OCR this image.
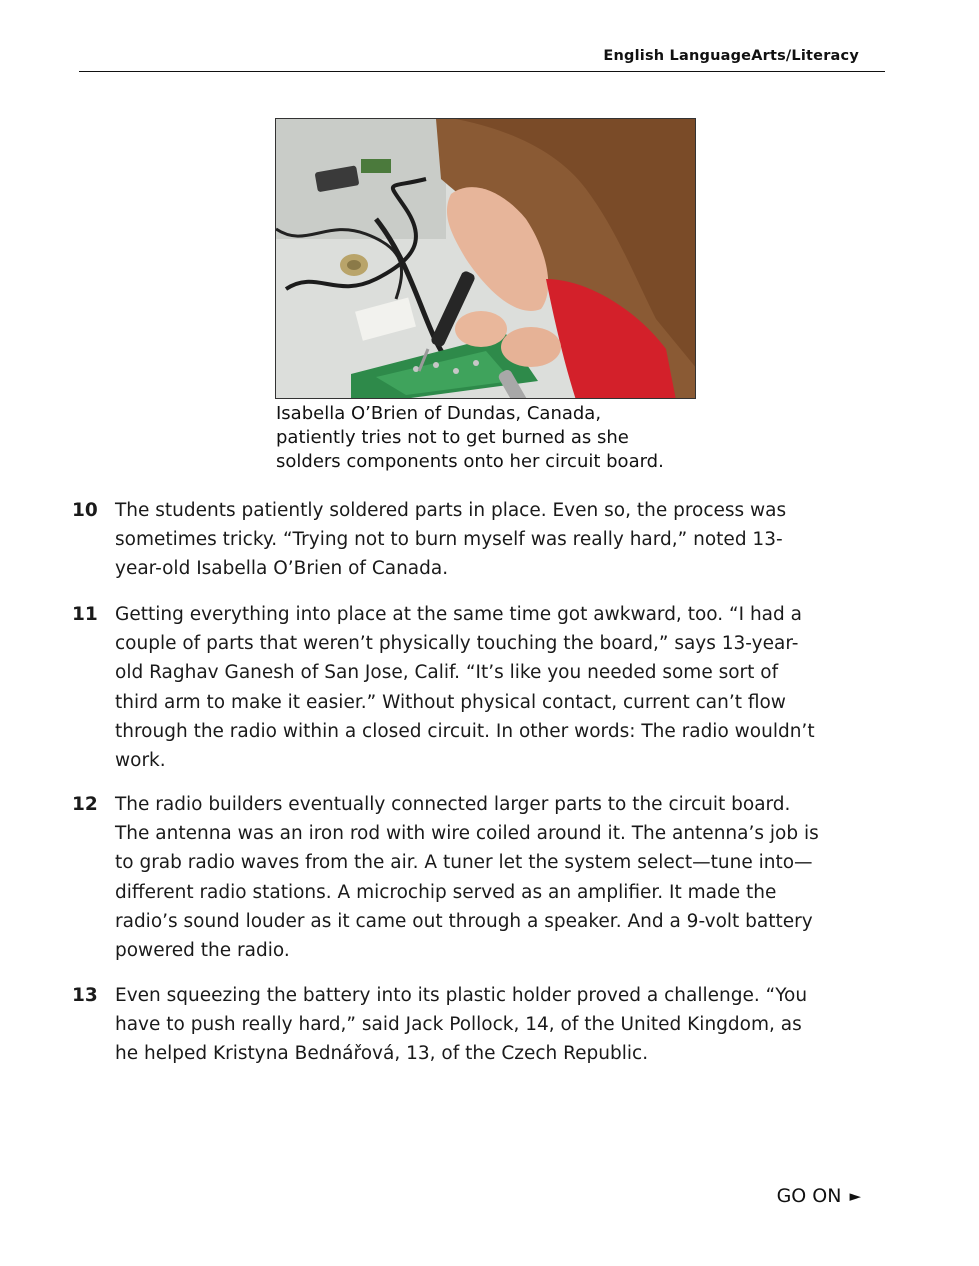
English LanguageArts/Literacy
Isabella O’Brien of Dundas, Canada,
patiently tries not to get burned as she
solders components onto her circuit board.
10 The students patiently soldered parts in place. Even so, the process was
sometimes tricky. “Trying not to burn myself was really hard,” noted 13-
year-old Isabella O’Brien of Canada.
11 Getting everything into place at the same time got awkward, too. “I had a
couple of parts that weren’t physically touching the board,” says 13-year-
old Raghav Ganesh of San Jose, Calif. “It’s like you needed some sort of
third arm to make it easier.” Without physical contact, current can’t flow
through the radio within a closed circuit. In other words: The radio wouldn’t
work.
12 The radio builders eventually connected larger parts to the circuit board.
The antenna was an iron rod with wire coiled around it. The antenna’s job is
to grab radio waves from the air. A tuner let the system select—tune into—
different radio stations. A microchip served as an amplifier. It made the
radio’s sound louder as it came out through a speaker. And a 9-volt battery
powered the radio.
13 Even squeezing the battery into its plastic holder proved a challenge. “You
have to push really hard,” said Jack Pollock, 14, of the United Kingdom, as
he helped Kristyna Bednářová, 13, of the Czech Republic.
GO ON ►
